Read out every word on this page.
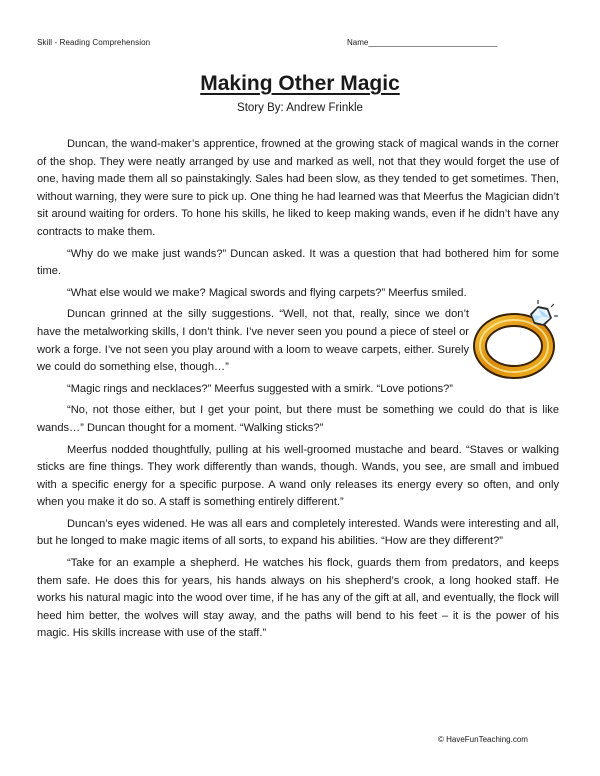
Skill - Reading Comprehension	Name_____________________________
Making Other Magic
Story By: Andrew Frinkle

Duncan, the wand-maker’s apprentice, frowned at the growing stack of magical wands in the corner of the shop. They were neatly arranged by use and marked as well, not that they would forget the use of one, having made them all so painstakingly. Sales had been slow, as they tended to get sometimes. Then, without warning, they were sure to pick up. One thing he had learned was that Meerfus the Magician didn’t sit around waiting for orders. To hone his skills, he liked to keep making wands, even if he didn’t have any contracts to make them.

“Why do we make just wands?” Duncan asked. It was a question that had bothered him for some time.

“What else would we make? Magical swords and flying carpets?” Meerfus smiled.

Duncan grinned at the silly suggestions. “Well, not that, really, since we don’t have the metalworking skills, I don’t think. I’ve never seen you pound a piece of steel or work a forge. I’ve not seen you play around with a loom to weave carpets, either. Surely we could do something else, though…”

“Magic rings and necklaces?” Meerfus suggested with a smirk. “Love potions?”

“No, not those either, but I get your point, but there must be something we could do that is like wands…” Duncan thought for a moment. “Walking sticks?”

Meerfus nodded thoughtfully, pulling at his well-groomed mustache and beard. “Staves or walking sticks are fine things. They work differently than wands, though. Wands, you see, are small and imbued with a specific energy for a specific purpose. A wand only releases its energy every so often, and only when you make it do so. A staff is something entirely different.”

Duncan’s eyes widened. He was all ears and completely interested. Wands were interesting and all, but he longed to make magic items of all sorts, to expand his abilities. “How are they different?”

“Take for an example a shepherd. He watches his flock, guards them from predators, and keeps them safe. He does this for years, his hands always on his shepherd’s crook, a long hooked staff. He works his natural magic into the wood over time, if he has any of the gift at all, and eventually, the flock will heed him better, the wolves will stay away, and the paths will bend to his feet – it is the power of his magic. His skills increase with use of the staff.”

© HaveFunTeaching.com
